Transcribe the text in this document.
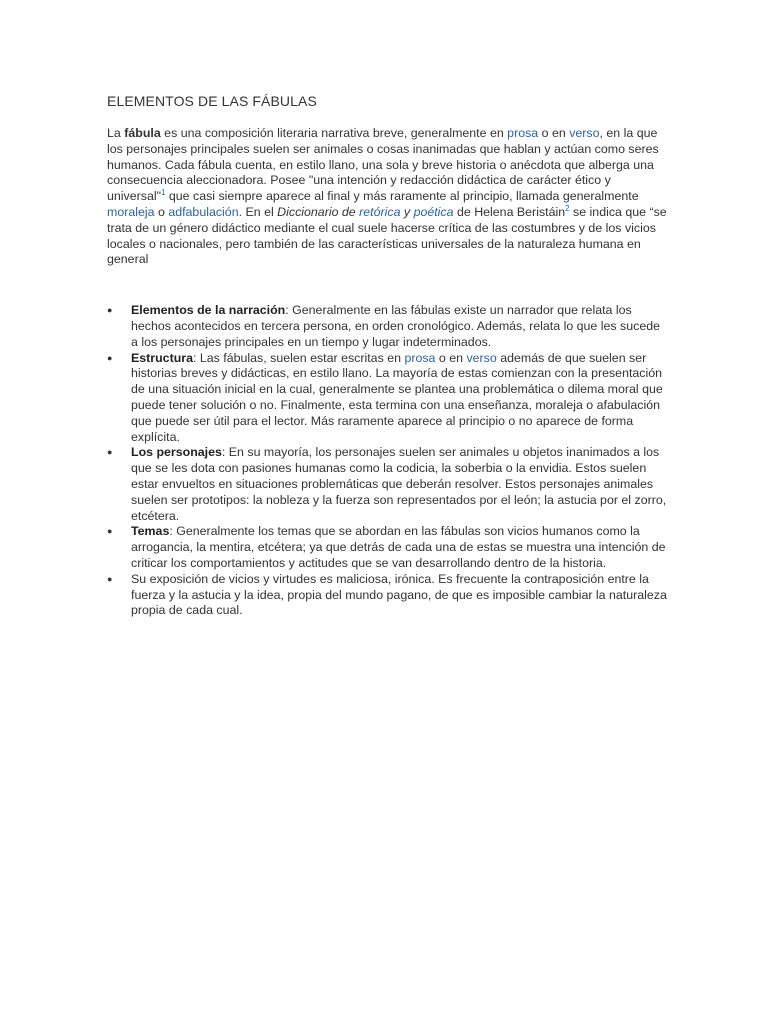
ELEMENTOS DE LAS FÁBULAS

La fábula es una composición literaria narrativa breve, generalmente en prosa o en verso, en la que los personajes principales suelen ser animales o cosas inanimadas que hablan y actúan como seres humanos. Cada fábula cuenta, en estilo llano, una sola y breve historia o anécdota que alberga una consecuencia aleccionadora. Posee "una intención y redacción didáctica de carácter ético y universal"$^1$ que casi siempre aparece al final y más raramente al principio, llamada generalmente moraleja o adfabulación. En el Diccionario de retórica y poética de Helena Beristáin$^2$ se indica que “se trata de un género didáctico mediante el cual suele hacerse crítica de las costumbres y de los vicios locales o nacionales, pero también de las características universales de la naturaleza humana en general

●	Elementos de la narración: Generalmente en las fábulas existe un narrador que relata los hechos acontecidos en tercera persona, en orden cronológico. Además, relata lo que les sucede a los personajes principales en un tiempo y lugar indeterminados.
●	Estructura: Las fábulas, suelen estar escritas en prosa o en verso además de que suelen ser historias breves y didácticas, en estilo llano. La mayoría de estas comienzan con la presentación de una situación inicial en la cual, generalmente se plantea una problemática o dilema moral que puede tener solución o no. Finalmente, esta termina con una enseñanza, moraleja o afabulación que puede ser útil para el lector. Más raramente aparece al principio o no aparece de forma explícita.
●	Los personajes: En su mayoría, los personajes suelen ser animales u objetos inanimados a los que se les dota con pasiones humanas como la codicia, la soberbia o la envidia. Estos suelen estar envueltos en situaciones problemáticas que deberán resolver. Estos personajes animales suelen ser prototipos: la nobleza y la fuerza son representados por el león; la astucia por el zorro, etcétera.
●	Temas: Generalmente los temas que se abordan en las fábulas son vicios humanos como la arrogancia, la mentira, etcétera; ya que detrás de cada una de estas se muestra una intención de criticar los comportamientos y actitudes que se van desarrollando dentro de la historia.
●	Su exposición de vicios y virtudes es maliciosa, irónica. Es frecuente la contraposición entre la fuerza y la astucia y la idea, propia del mundo pagano, de que es imposible cambiar la naturaleza propia de cada cual.
